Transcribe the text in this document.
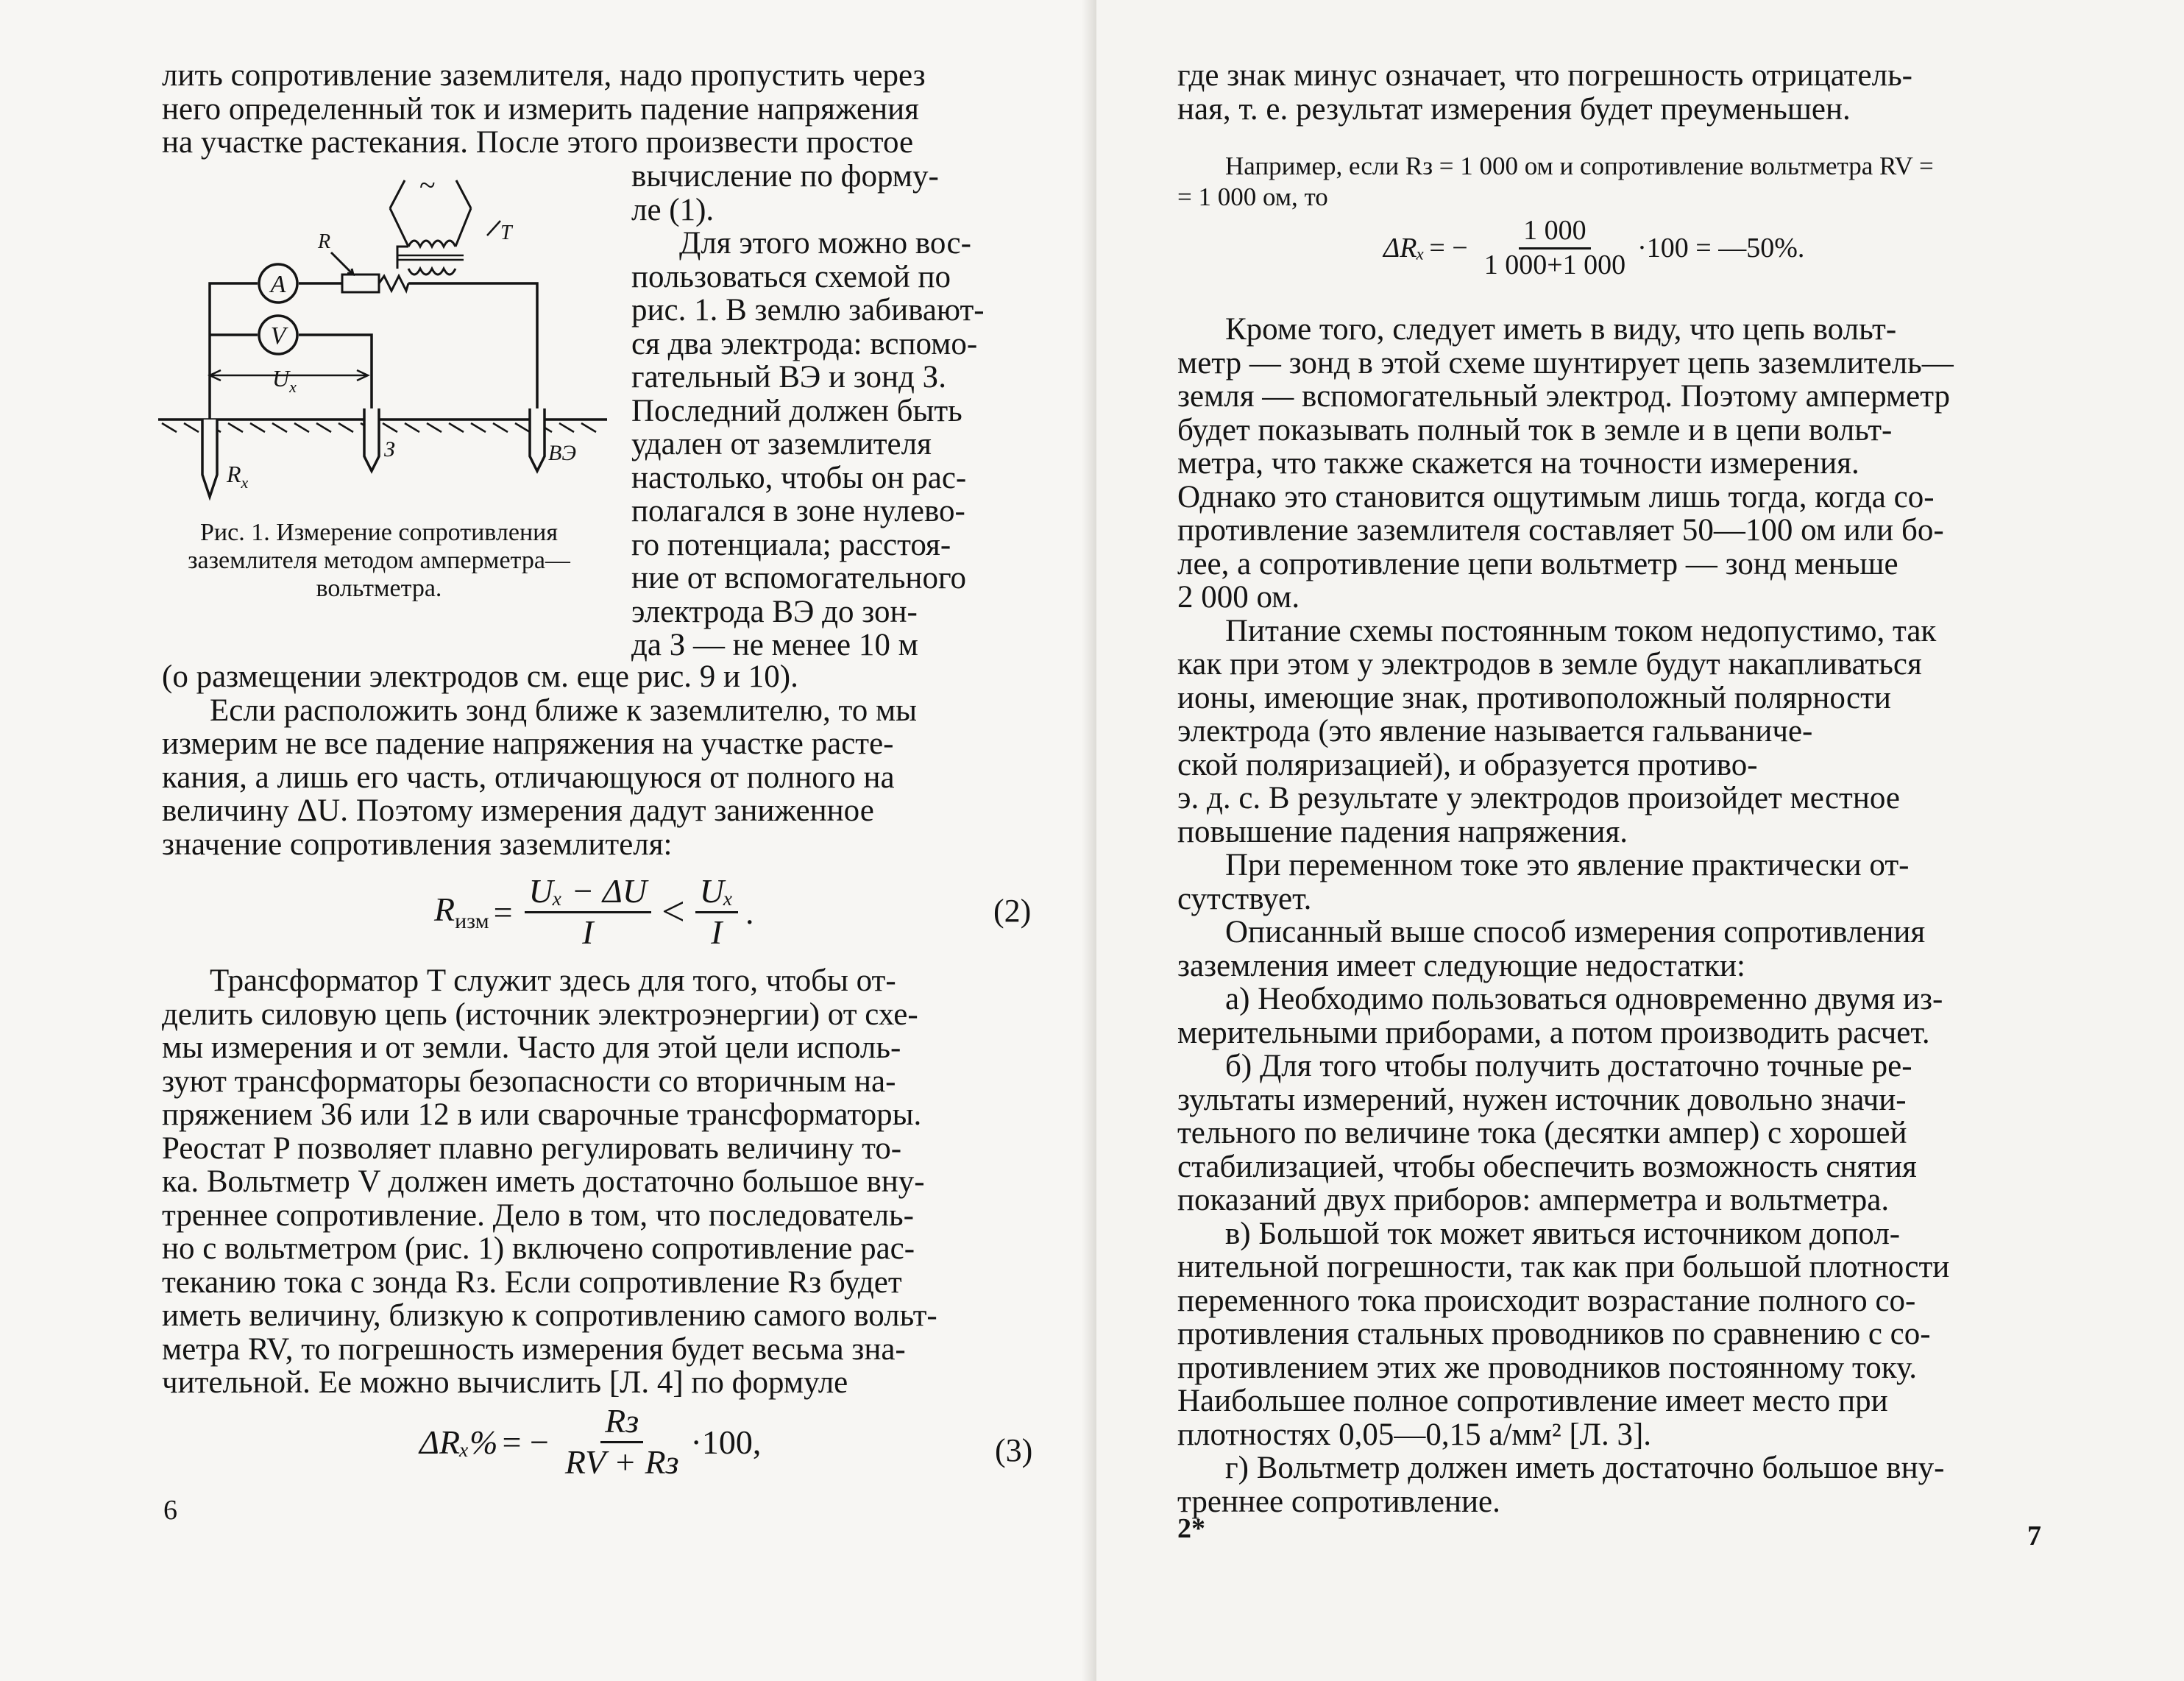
лить сопротивление заземлителя, надо пропустить через

него определенный ток и измерить падение напряжения

на участке растекания. После этого произвести простое

A
V
R	T
~
$U_x$
$R_x$
З	ВЭ
Рис. 1. Измерение сопротивления
заземлителя методом амперметра—
вольтметра.

вычисление по форму-

ле (1).

Для этого можно вос-

пользоваться схемой по

рис. 1. В землю забивают-

ся два электрода: вспомо-

гательный ВЭ и зонд З.

Последний должен быть

удален от заземлителя

настолько, чтобы он рас-

полагался в зоне нулево-

го потенциала; расстоя-

ние от вспомогательного

электрода ВЭ до зон-

да З — не менее 10 м

(о размещении электродов см. еще рис. 9 и 10).

Если расположить зонд ближе к заземлителю, то мы

измерим не все падение напряжения на участке расте-

кания, а лишь его часть, отличающуюся от полного на

величину ΔU. Поэтому измерения дадут заниженное

значение сопротивления заземлителя:

$R_{изм} = \frac{\text{Uₓ − ΔU}}{I} < \frac{\text{Uₓ}}{I}$ .	(2)

Трансформатор T служит здесь для того, чтобы от-

делить силовую цепь (источник электроэнергии) от схе-

мы измерения и от земли. Часто для этой цели исполь-

зуют трансформаторы безопасности со вторичным на-

пряжением 36 или 12 в или сварочные трансформаторы.

Реостат P позволяет плавно регулировать величину то-

ка. Вольтметр V должен иметь достаточно большое вну-

треннее сопротивление. Дело в том, что последователь-

но с вольтметром (рис. 1) включено сопротивление рас-

теканию тока с зонда Rз. Если сопротивление Rз будет

иметь величину, близкую к сопротивлению самого вольт-

метра RV, то погрешность измерения будет весьма зна-

чительной. Ее можно вычислить [Л. 4] по формуле

ΔRₓ% = − $\frac{Rз}{RV + Rз} \cdot 100$,	(3)
6

где знак минус означает, что погрешность отрицатель-

ная, т. е. результат измерения будет преуменьшен.

Например, если Rз = 1 000 ом и сопротивление вольтметра RV =

= 1 000 ом, то

ΔRₓ = − $\frac{1 000}{1 000+1 000} \cdot 100$ = —50%.

Кроме того, следует иметь в виду, что цепь вольт-

метр — зонд в этой схеме шунтирует цепь заземлитель—

земля — вспомогательный электрод. Поэтому амперметр

будет показывать полный ток в земле и в цепи вольт-

метра, что также скажется на точности измерения.

Однако это становится ощутимым лишь тогда, когда со-

противление заземлителя составляет 50—100 ом или бо-

лее, а сопротивление цепи вольтметр — зонд меньше

2 000 ом.

Питание схемы постоянным током недопустимо, так

как при этом у электродов в земле будут накапливаться

ионы, имеющие знак, противоположный полярности

электрода (это явление называется гальваниче-

ской поляризацией), и образуется противо-

э. д. с. В результате у электродов произойдет местное

повышение падения напряжения.

При переменном токе это явление практически от-

сутствует.

Описанный выше способ измерения сопротивления

заземления имеет следующие недостатки:

а) Необходимо пользоваться одновременно двумя из-

мерительными приборами, а потом производить расчет.

б) Для того чтобы получить достаточно точные ре-

зультаты измерений, нужен источник довольно значи-

тельного по величине тока (десятки ампер) с хорошей

стабилизацией, чтобы обеспечить возможность снятия

показаний двух приборов: амперметра и вольтметра.

в) Большой ток может явиться источником допол-

нительной погрешности, так как при большой плотности

переменного тока происходит возрастание полного со-

противления стальных проводников по сравнению с со-

противлением этих же проводников постоянному току.

Наибольшее полное сопротивление имеет место при

плотностях 0,05—0,15 а/мм² [Л. 3].

г) Вольтметр должен иметь достаточно большое вну-

треннее сопротивление.

2*	7
